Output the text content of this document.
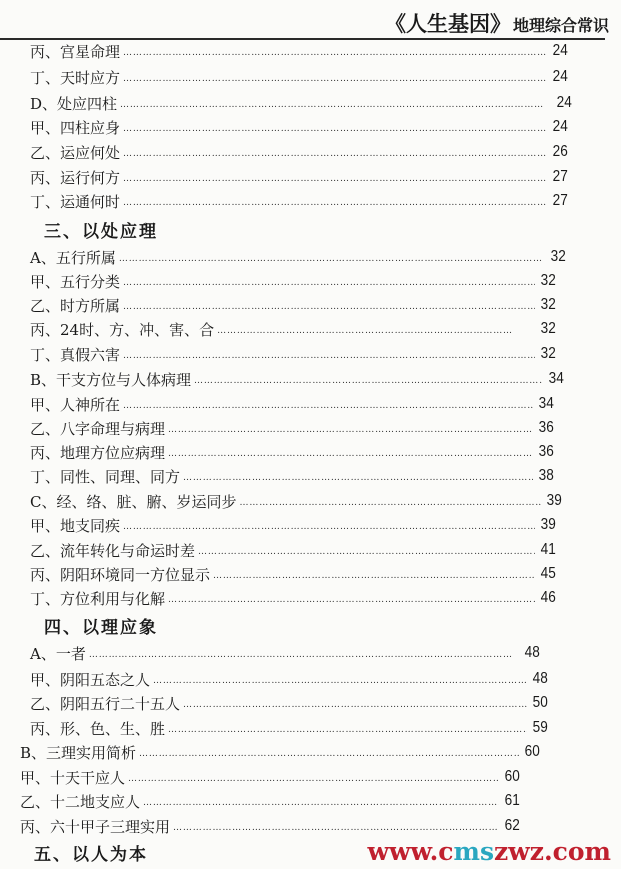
《人生基因》 地理综合常识
丙、宫星命理 … … … … … … … … … … … … … … … … … … … … … … … … … … … … … … … … … … … … … … … … … … …	24
丁、天时应方 … … … … … … … … … … … … … … … … … … … … … … … … … … … … … … … … … … … … … … … … … … …	24
D、处应四柱 … … … … … … … … … … … … … … … … … … … … … … … … … … … … … … … … … … … … … … … … … … …	24
甲、四柱应身 … … … … … … … … … … … … … … … … … … … … … … … … … … … … … … … … … … … … … … … … … … …	24
乙、运应何处 … … … … … … … … … … … … … … … … … … … … … … … … … … … … … … … … … … … … … … … … … … …	26
丙、运行何方 … … … … … … … … … … … … … … … … … … … … … … … … … … … … … … … … … … … … … … … … … … …	27
丁、运通何时 … … … … … … … … … … … … … … … … … … … … … … … … … … … … … … … … … … … … … … … … … … …	27
三、以处应理
A、五行所属 … … … … … … … … … … … … … … … … … … … … … … … … … … … … … … … … … … … … … … … … … … …	32
甲、五行分类 … … … … … … … … … … … … … … … … … … … … … … … … … … … … … … … … … … … … … … … … … … …	32
乙、时方所属 … … … … … … … … … … … … … … … … … … … … … … … … … … … … … … … … … … … … … … … … … … …	32
丙、24时、方、冲、害、合 … … … … … … … … … … … … … … … … … … … … … … … … … … … … … … … … … … … … … … … … … … …	32
丁、真假六害 … … … … … … … … … … … … … … … … … … … … … … … … … … … … … … … … … … … … … … … … … … …	32
B、干支方位与人体病理 … … … … … … … … … … … … … … … … … … … … … … … … … … … … … … … … … … … … … … … … … … …	34
甲、人神所在 … … … … … … … … … … … … … … … … … … … … … … … … … … … … … … … … … … … … … … … … … … …	34
乙、八字命理与病理 … … … … … … … … … … … … … … … … … … … … … … … … … … … … … … … … … … … … … … … … … … …	36
丙、地理方位应病理 … … … … … … … … … … … … … … … … … … … … … … … … … … … … … … … … … … … … … … … … … … …	36
丁、同性、同理、同方 … … … … … … … … … … … … … … … … … … … … … … … … … … … … … … … … … … … … … … … … … … …	38
C、经、络、脏、腑、岁运同步 … … … … … … … … … … … … … … … … … … … … … … … … … … … … … … … … … … … … … … … … … … …	39
甲、地支同疾 … … … … … … … … … … … … … … … … … … … … … … … … … … … … … … … … … … … … … … … … … … …	39
乙、流年转化与命运时差 … … … … … … … … … … … … … … … … … … … … … … … … … … … … … … … … … … … … … … … … … … …	41
丙、阴阳环境同一方位显示 … … … … … … … … … … … … … … … … … … … … … … … … … … … … … … … … … … … … … … … … … … …	45
丁、方位利用与化解 … … … … … … … … … … … … … … … … … … … … … … … … … … … … … … … … … … … … … … … … … … …	46
四、以理应象
A、一者 … … … … … … … … … … … … … … … … … … … … … … … … … … … … … … … … … … … … … … … … … … …	48
甲、阴阳五态之人 … … … … … … … … … … … … … … … … … … … … … … … … … … … … … … … … … … … … … … … … … … …	48
乙、阴阳五行二十五人 … … … … … … … … … … … … … … … … … … … … … … … … … … … … … … … … … … … … … … … … … … …	50
丙、形、色、生、胜 … … … … … … … … … … … … … … … … … … … … … … … … … … … … … … … … … … … … … … … … … … …	59
B、三理实用简析 … … … … … … … … … … … … … … … … … … … … … … … … … … … … … … … … … … … … … … … … … … …	60
甲、十天干应人 … … … … … … … … … … … … … … … … … … … … … … … … … … … … … … … … … … … … … … … … … … …	60
乙、十二地支应人 … … … … … … … … … … … … … … … … … … … … … … … … … … … … … … … … … … … … … … … … … … …	61
丙、六十甲子三理实用 … … … … … … … … … … … … … … … … … … … … … … … … … … … … … … … … … … … … … … … … … … …	62
五、以人为本	www.cmszwz.com
